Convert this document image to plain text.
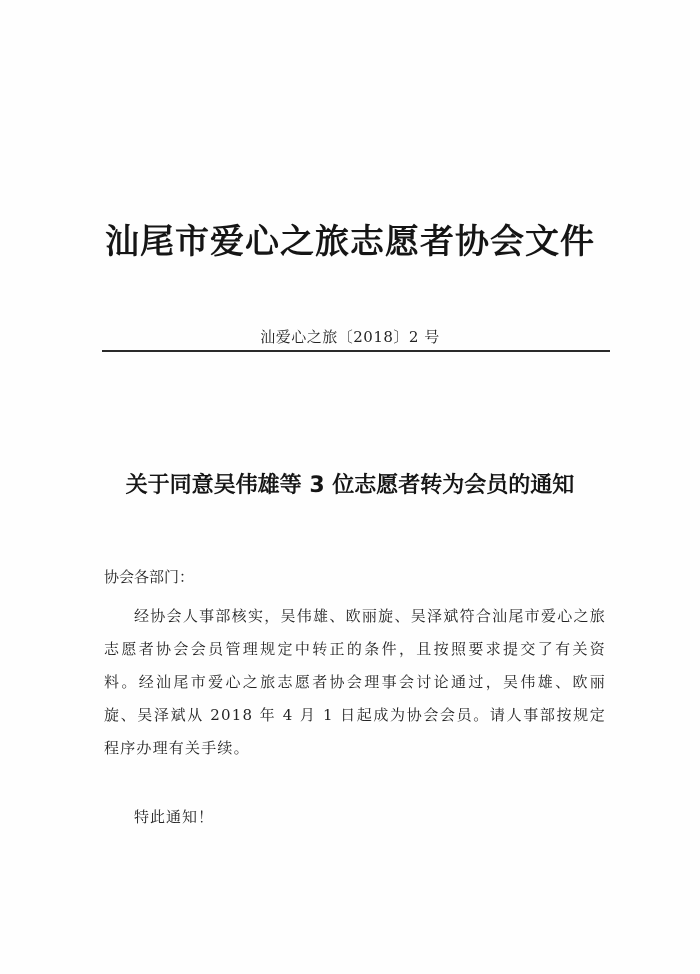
汕尾市爱心之旅志愿者协会文件
汕爱心之旅〔2018〕2 号
关于同意吴伟雄等 3 位志愿者转为会员的通知
协会各部门：

经协会人事部核实，吴伟雄、欧丽旋、吴泽斌符合汕尾市爱心之旅志愿者协会会员管理规定中转正的条件，且按照要求提交了有关资料。经汕尾市爱心之旅志愿者协会理事会讨论通过，吴伟雄、欧丽旋、吴泽斌从 2018 年 4 月 1 日起成为协会会员。请人事部按规定程序办理有关手续。

特此通知！
